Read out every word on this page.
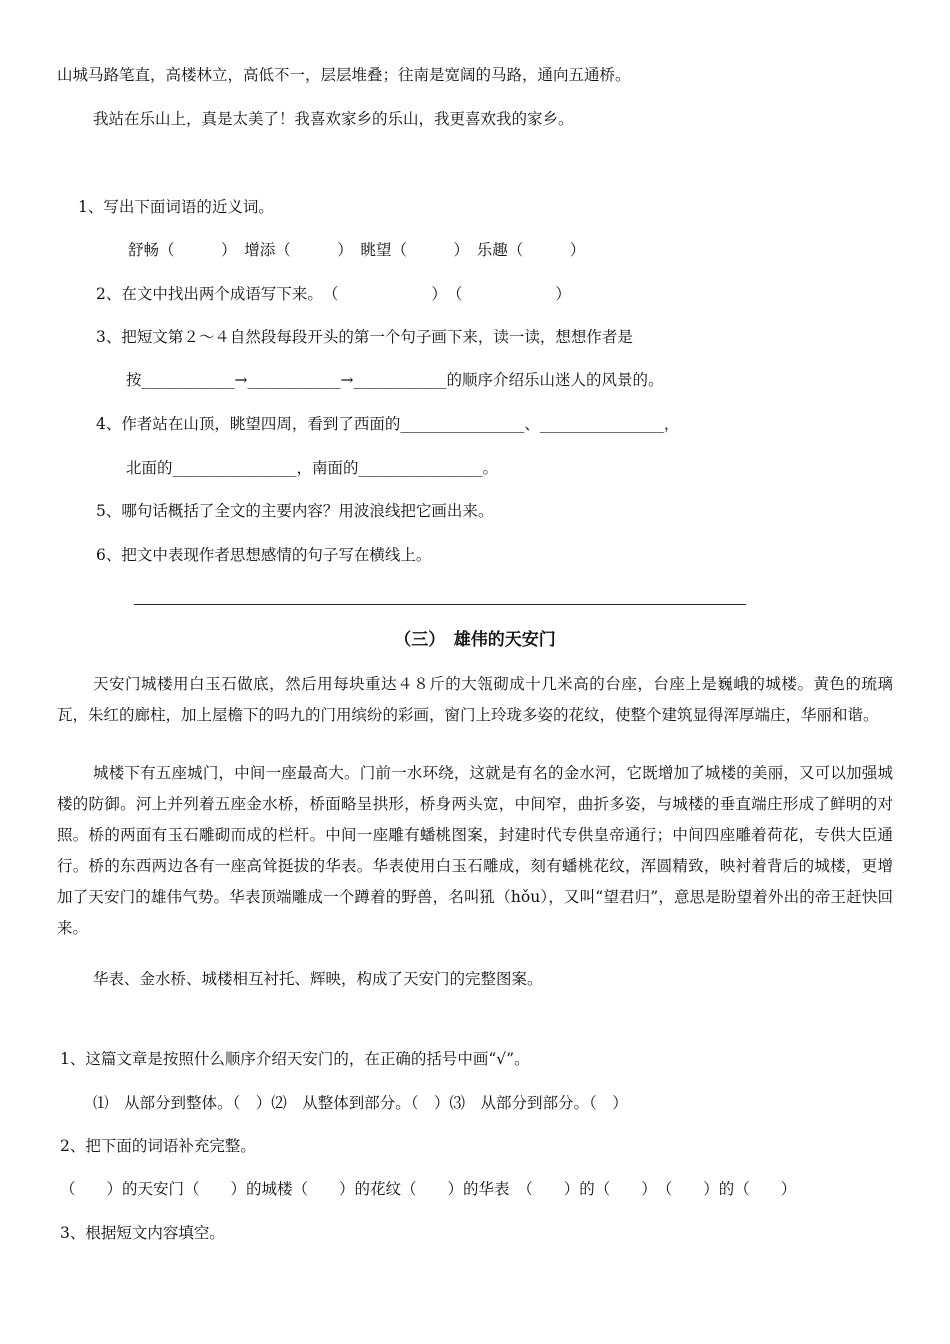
山城马路笔直，高楼林立，高低不一，层层堆叠；往南是宽阔的马路，通向五通桥。
我站在乐山上，真是太美了！我喜欢家乡的乐山，我更喜欢我的家乡。
1、写出下面词语的近义词。
舒畅（　　　）　增添（　　　）　眺望（　　　）　乐趣（　　　）
2、在文中找出两个成语写下来。　（　　　　　　）　（　　　　　　）
3、把短文第２～４自然段每段开头的第一个句子画下来，读一读，想想作者是
按____________→____________→____________的顺序介绍乐山迷人的风景的。
4、作者站在山顶，眺望四周，看到了西面的________________、________________，
北面的________________，南面的________________。
5、哪句话概括了全文的主要内容？用波浪线把它画出来。
6、把文中表现作者思想感情的句子写在横线上。
（三）　雄伟的天安门
天安门城楼用白玉石做底，然后用每块重达４８斤的大瓴砌成十几米高的台座，台座上是巍峨的城楼。黄色的琉璃瓦，朱红的廊柱，加上屋檐下的吗九的门用缤纷的彩画，窗门上玲珑多姿的花纹，使整个建筑显得浑厚端庄，华丽和谐。
城楼下有五座城门，中间一座最高大。门前一水环绕，这就是有名的金水河，它既增加了城楼的美丽，又可以加强城楼的防御。河上并列着五座金水桥，桥面略呈拱形，桥身两头宽，中间窄，曲折多姿，与城楼的垂直端庄形成了鲜明的对照。桥的两面有玉石雕砌而成的栏杆。中间一座雕有蟠桃图案，封建时代专供皇帝通行；中间四座雕着荷花，专供大臣通行。桥的东西两边各有一座高耸挺拔的华表。华表使用白玉石雕成，刻有蟠桃花纹，浑圆精致，映衬着背后的城楼，更增加了天安门的雄伟气势。华表顶端雕成一个蹲着的野兽，名叫犼（hǒu），又叫“望君归”，意思是盼望着外出的帝王赶快回来。
华表、金水桥、城楼相互衬托、辉映，构成了天安门的完整图案。
1、这篇文章是按照什么顺序介绍天安门的，在正确的括号中画“√”。
⑴　从部分到整体。（　）⑵　从整体到部分。（　）⑶　从部分到部分。（　）
2、把下面的词语补充完整。
（　　）的天安门（　　）的城楼（　　）的花纹（　　）的华表　（　　）的（　　）　（　　）的（　　）
3、根据短文内容填空。
